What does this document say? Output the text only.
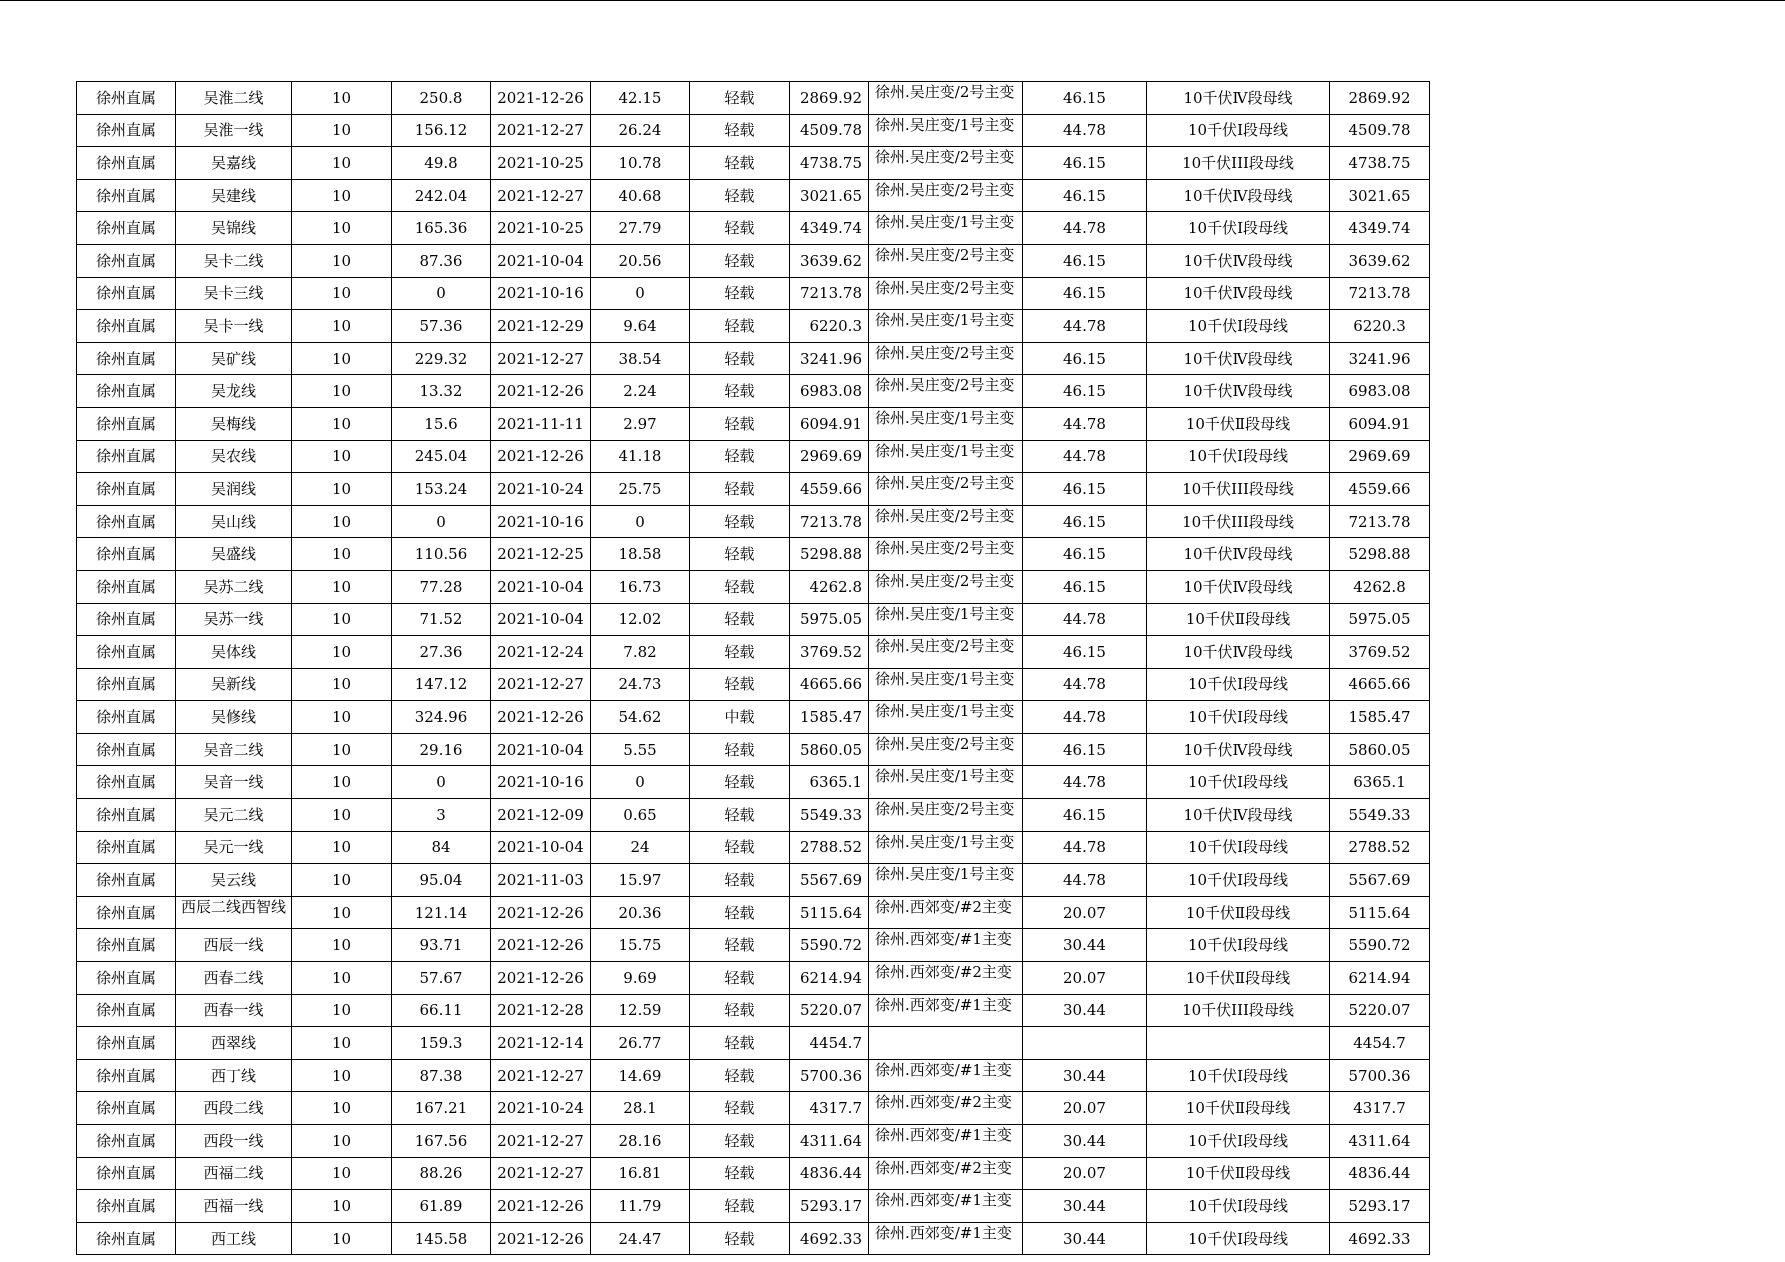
徐州直属	吴淮二线	10	250.8	2021-12-26	42.15	轻载	2869.92	徐州.吴庄变/2号主变	46.15	10千伏Ⅳ段母线	2869.92
徐州直属	吴淮一线	10	156.12	2021-12-27	26.24	轻载	4509.78	徐州.吴庄变/1号主变	44.78	10千伏Ⅰ段母线	4509.78
徐州直属	吴嘉线	10	49.8	2021-10-25	10.78	轻载	4738.75	徐州.吴庄变/2号主变	46.15	10千伏III段母线	4738.75
徐州直属	吴建线	10	242.04	2021-12-27	40.68	轻载	3021.65	徐州.吴庄变/2号主变	46.15	10千伏Ⅳ段母线	3021.65
徐州直属	吴锦线	10	165.36	2021-10-25	27.79	轻载	4349.74	徐州.吴庄变/1号主变	44.78	10千伏Ⅰ段母线	4349.74
徐州直属	吴卡二线	10	87.36	2021-10-04	20.56	轻载	3639.62	徐州.吴庄变/2号主变	46.15	10千伏Ⅳ段母线	3639.62
徐州直属	吴卡三线	10	0	2021-10-16	0	轻载	7213.78	徐州.吴庄变/2号主变	46.15	10千伏Ⅳ段母线	7213.78
徐州直属	吴卡一线	10	57.36	2021-12-29	9.64	轻载	6220.3	徐州.吴庄变/1号主变	44.78	10千伏Ⅰ段母线	6220.3
徐州直属	吴矿线	10	229.32	2021-12-27	38.54	轻载	3241.96	徐州.吴庄变/2号主变	46.15	10千伏Ⅳ段母线	3241.96
徐州直属	吴龙线	10	13.32	2021-12-26	2.24	轻载	6983.08	徐州.吴庄变/2号主变	46.15	10千伏Ⅳ段母线	6983.08
徐州直属	吴梅线	10	15.6	2021-11-11	2.97	轻载	6094.91	徐州.吴庄变/1号主变	44.78	10千伏Ⅱ段母线	6094.91
徐州直属	吴农线	10	245.04	2021-12-26	41.18	轻载	2969.69	徐州.吴庄变/1号主变	44.78	10千伏Ⅰ段母线	2969.69
徐州直属	吴润线	10	153.24	2021-10-24	25.75	轻载	4559.66	徐州.吴庄变/2号主变	46.15	10千伏III段母线	4559.66
徐州直属	吴山线	10	0	2021-10-16	0	轻载	7213.78	徐州.吴庄变/2号主变	46.15	10千伏III段母线	7213.78
徐州直属	吴盛线	10	110.56	2021-12-25	18.58	轻载	5298.88	徐州.吴庄变/2号主变	46.15	10千伏Ⅳ段母线	5298.88
徐州直属	吴苏二线	10	77.28	2021-10-04	16.73	轻载	4262.8	徐州.吴庄变/2号主变	46.15	10千伏Ⅳ段母线	4262.8
徐州直属	吴苏一线	10	71.52	2021-10-04	12.02	轻载	5975.05	徐州.吴庄变/1号主变	44.78	10千伏Ⅱ段母线	5975.05
徐州直属	吴体线	10	27.36	2021-12-24	7.82	轻载	3769.52	徐州.吴庄变/2号主变	46.15	10千伏Ⅳ段母线	3769.52
徐州直属	吴新线	10	147.12	2021-12-27	24.73	轻载	4665.66	徐州.吴庄变/1号主变	44.78	10千伏Ⅰ段母线	4665.66
徐州直属	吴修线	10	324.96	2021-12-26	54.62	中载	1585.47	徐州.吴庄变/1号主变	44.78	10千伏Ⅰ段母线	1585.47
徐州直属	吴音二线	10	29.16	2021-10-04	5.55	轻载	5860.05	徐州.吴庄变/2号主变	46.15	10千伏Ⅳ段母线	5860.05
徐州直属	吴音一线	10	0	2021-10-16	0	轻载	6365.1	徐州.吴庄变/1号主变	44.78	10千伏Ⅰ段母线	6365.1
徐州直属	吴元二线	10	3	2021-12-09	0.65	轻载	5549.33	徐州.吴庄变/2号主变	46.15	10千伏Ⅳ段母线	5549.33
徐州直属	吴元一线	10	84	2021-10-04	24	轻载	2788.52	徐州.吴庄变/1号主变	44.78	10千伏Ⅰ段母线	2788.52
徐州直属	吴云线	10	95.04	2021-11-03	15.97	轻载	5567.69	徐州.吴庄变/1号主变	44.78	10千伏Ⅰ段母线	5567.69
徐州直属	西辰二线西智线	10	121.14	2021-12-26	20.36	轻载	5115.64	徐州.西郊变/#2主变	20.07	10千伏Ⅱ段母线	5115.64
徐州直属	西辰一线	10	93.71	2021-12-26	15.75	轻载	5590.72	徐州.西郊变/#1主变	30.44	10千伏Ⅰ段母线	5590.72
徐州直属	西春二线	10	57.67	2021-12-26	9.69	轻载	6214.94	徐州.西郊变/#2主变	20.07	10千伏Ⅱ段母线	6214.94
徐州直属	西春一线	10	66.11	2021-12-28	12.59	轻载	5220.07	徐州.西郊变/#1主变	30.44	10千伏III段母线	5220.07
徐州直属	西翠线	10	159.3	2021-12-14	26.77	轻载	4454.7				4454.7
徐州直属	西丁线	10	87.38	2021-12-27	14.69	轻载	5700.36	徐州.西郊变/#1主变	30.44	10千伏Ⅰ段母线	5700.36
徐州直属	西段二线	10	167.21	2021-10-24	28.1	轻载	4317.7	徐州.西郊变/#2主变	20.07	10千伏Ⅱ段母线	4317.7
徐州直属	西段一线	10	167.56	2021-12-27	28.16	轻载	4311.64	徐州.西郊变/#1主变	30.44	10千伏Ⅰ段母线	4311.64
徐州直属	西福二线	10	88.26	2021-12-27	16.81	轻载	4836.44	徐州.西郊变/#2主变	20.07	10千伏Ⅱ段母线	4836.44
徐州直属	西福一线	10	61.89	2021-12-26	11.79	轻载	5293.17	徐州.西郊变/#1主变	30.44	10千伏Ⅰ段母线	5293.17
徐州直属	西工线	10	145.58	2021-12-26	24.47	轻载	4692.33	徐州.西郊变/#1主变	30.44	10千伏Ⅰ段母线	4692.33
